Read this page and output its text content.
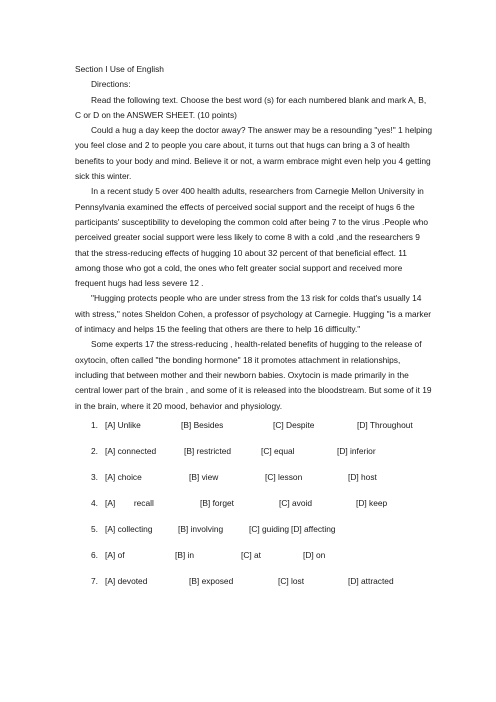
Section I Use of English

Directions:

Read the following text. Choose the best word (s) for each numbered blank and mark A, B, C or D on the ANSWER SHEET. (10 points)

Could a hug a day keep the doctor away? The answer may be a resounding "yes!" 1 helping you feel close and 2 to people you care about, it turns out that hugs can bring a 3 of health benefits to your body and mind. Believe it or not, a warm embrace might even help you 4 getting sick this winter.

In a recent study 5 over 400 health adults, researchers from Carnegie Mellon University in Pennsylvania examined the effects of perceived social support and the receipt of hugs 6 the participants' susceptibility to developing the common cold after being 7 to the virus .People who perceived greater social support were less likely to come 8 with a cold ,and the researchers 9 that the stress-reducing effects of hugging 10 about 32 percent of that beneficial effect. 11 among those who got a cold, the ones who felt greater social support and received more frequent hugs had less severe 12 .

"Hugging protects people who are under stress from the 13 risk for colds that's usually 14 with stress," notes Sheldon Cohen, a professor of psychology at Carnegie. Hugging "is a marker of intimacy and helps 15 the feeling that others are there to help 16 difficulty."

Some experts 17 the stress-reducing , health-related benefits of hugging to the release of oxytocin, often called "the bonding hormone" 18 it promotes attachment in relationships, including that between mother and their newborn babies. Oxytocin is made primarily in the central lower part of the brain , and some of it is released into the bloodstream. But some of it 19 in the brain, where it 20 mood, behavior and physiology.

1. [A] Unlike	[B] Besides	[C] Despite	[D] Throughout
2. [A] connected	[B] restricted	[C] equal	[D] inferior
3. [A] choice	[B] view	[C] lesson	[D] host
4. [A]        recall	[B] forget	[C] avoid	[D] keep
5. [A] collecting	[B] involving	[C] guiding [D] affecting
6. [A] of	[B] in	[C] at	[D] on
7. [A] devoted	[B] exposed	[C] lost	[D] attracted
